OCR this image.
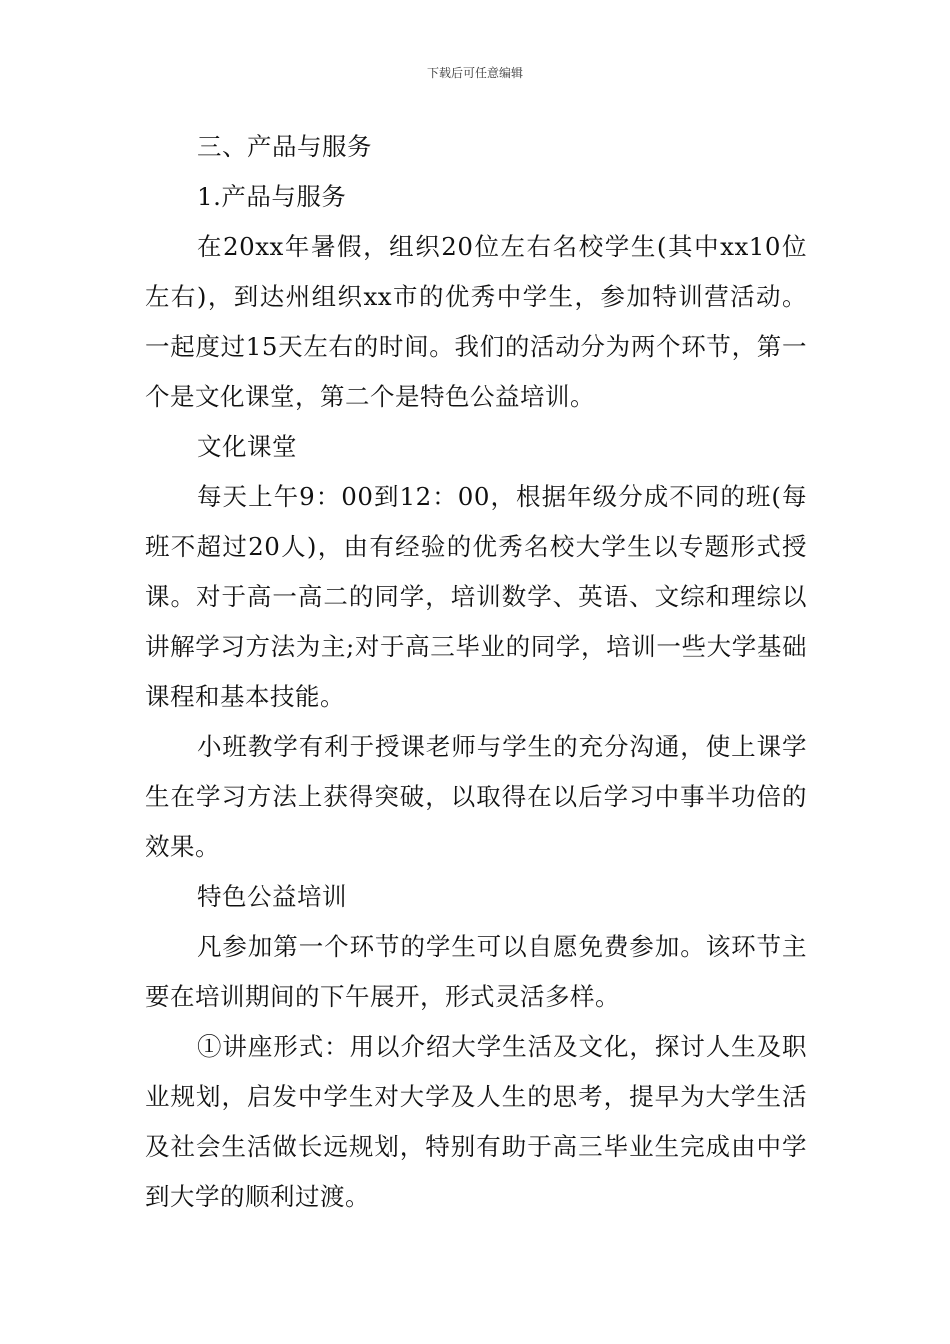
下载后可任意编辑

三、产品与服务

1.产品与服务

在20xx年暑假，组织20位左右名校学生(其中xx10位左右)，到达州组织xx市的优秀中学生，参加特训营活动。一起度过15天左右的时间。我们的活动分为两个环节，第一个是文化课堂，第二个是特色公益培训。

文化课堂

每天上午9：00到12：00，根据年级分成不同的班(每班不超过20人)，由有经验的优秀名校大学生以专题形式授课。对于高一高二的同学，培训数学、英语、文综和理综以讲解学习方法为主;对于高三毕业的同学，培训一些大学基础课程和基本技能。

小班教学有利于授课老师与学生的充分沟通，使上课学生在学习方法上获得突破，以取得在以后学习中事半功倍的效果。

特色公益培训

凡参加第一个环节的学生可以自愿免费参加。该环节主要在培训期间的下午展开，形式灵活多样。

①讲座形式：用以介绍大学生活及文化，探讨人生及职业规划，启发中学生对大学及人生的思考，提早为大学生活及社会生活做长远规划，特别有助于高三毕业生完成由中学到大学的顺利过渡。
